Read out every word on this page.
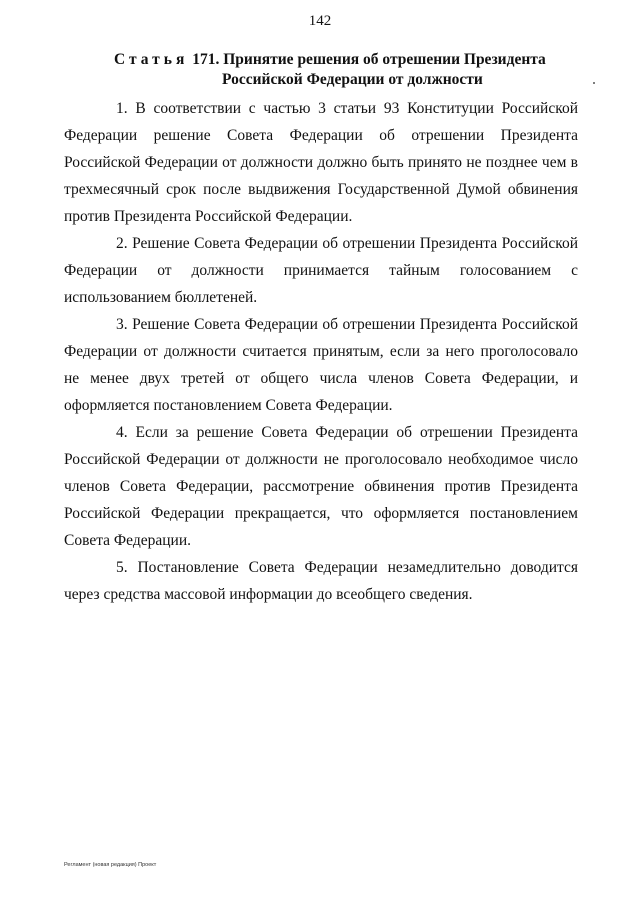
142
Статья 171. Принятие решения об отрешении Президента
Российской Федерации от должности

1. В соответствии с частью 3 статьи 93 Конституции Российской Федерации решение Совета Федерации об отрешении Президента Российской Федерации от должности должно быть принято не позднее чем в трехмесячный срок после выдвижения Государственной Думой обвинения против Президента Российской Федерации.

2. Решение Совета Федерации об отрешении Президента Российской Федерации от должности принимается тайным голосованием с использованием бюллетеней.

3. Решение Совета Федерации об отрешении Президента Российской Федерации от должности считается принятым, если за него проголосовало не менее двух третей от общего числа членов Совета Федерации, и оформляется постановлением Совета Федерации.

4. Если за решение Совета Федерации об отрешении Президента Российской Федерации от должности не проголосовало необходимое число членов Совета Федерации, рассмотрение обвинения против Президента Российской Федерации прекращается, что оформляется постановлением Совета Федерации.

5. Постановление Совета Федерации незамедлительно доводится через средства массовой информации до всеобщего сведения.

Регламент (новая редакция) Проект
